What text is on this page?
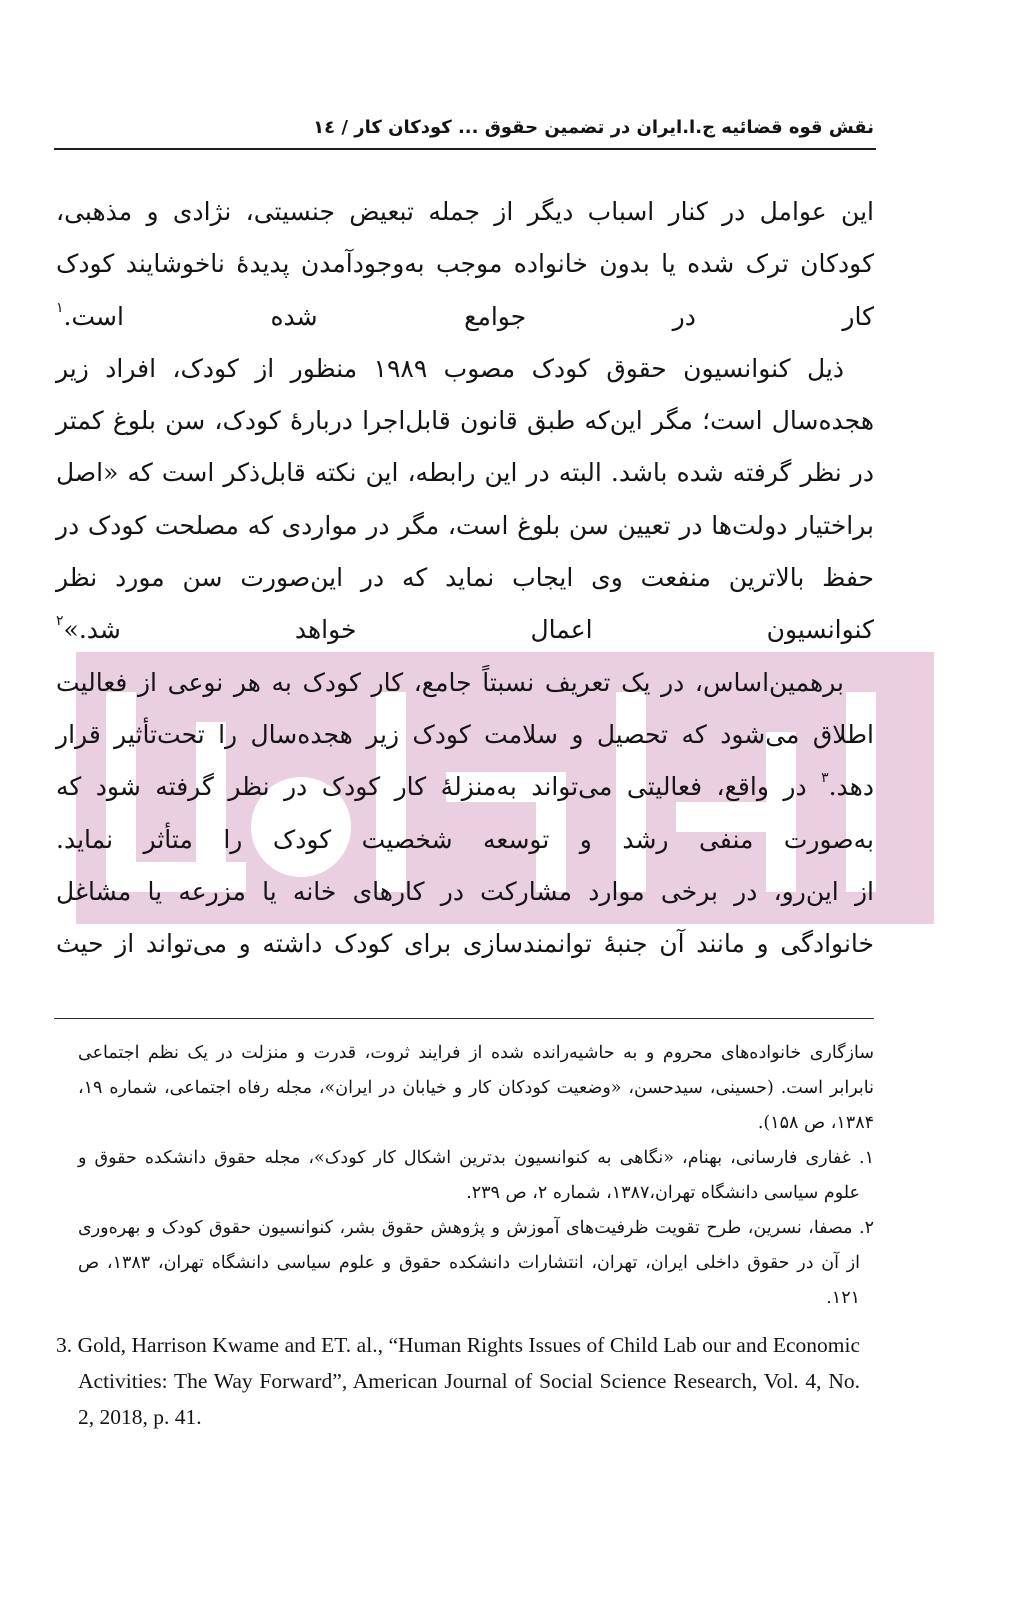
نقش قوه قضائیه ج.ا.ایران در تضمین حقوق ... کودکان کار / ۱٤

این عوامل در کنار اسباب دیگر از جمله تبعیض جنسیتی، نژادی و مذهبی، کودکان ترک شده یا بدون خانواده موجب به‌وجودآمدن پدیدهٔ ناخوشایند کودک کار در جوامع شده است.$^۱$

ذیل کنوانسیون حقوق کودک مصوب ۱۹۸۹ منظور از کودک، افراد زیر هجده‌سال است؛ مگر این‌که طبق قانون قابل‌اجرا دربارهٔ کودک، سن بلوغ کمتر در نظر گرفته شده باشد. البته در این رابطه، این نکته قابل‌ذکر است که «اصل براختیار دولت‌ها در تعیین سن بلوغ است، مگر در مواردی که مصلحت کودک در حفظ بالاترین منفعت وی ایجاب نماید که در این‌صورت سن مورد نظر کنوانسیون اعمال خواهد شد.»$^۲$

برهمین‌اساس، در یک تعریف نسبتاً جامع، کار کودک به هر نوعی از فعالیت اطلاق می‌شود که تحصیل و سلامت کودک زیر هجده‌سال را تحت‌تأثیر قرار دهد.$^۳$ در واقع، فعالیتی می‌تواند به‌منزلهٔ کار کودک در نظر گرفته شود که به‌صورت منفی رشد و توسعه شخصیت کودک را متأثر نماید.

از این‌رو، در برخی موارد مشارکت در کارهای خانه یا مزرعه یا مشاغل خانوادگی و مانند آن جنبهٔ توانمندسازی برای کودک داشته و می‌تواند از حیث

سازگاری خانواده‌های محروم و به حاشیه‌رانده شده از فرایند ثروت، قدرت و منزلت در یک نظم اجتماعی نابرابر است. (حسینی، سیدحسن، «وضعیت کودکان کار و خیابان در ایران»، مجله رفاه اجتماعی، شماره ۱۹، ۱۳۸۴، ص ۱۵۸).

۱. غفاری فارسانی، بهنام، «نگاهی به کنوانسیون بدترین اشکال کار کودک»، مجله حقوق دانشکده حقوق و علوم سیاسی دانشگاه تهران،۱۳۸۷، شماره ۲، ص ۲۳۹.

۲. مصفا، نسرین، طرح تقویت ظرفیت‌های آموزش و پژوهش حقوق بشر، کنوانسیون حقوق کودک و بهره‌وری از آن در حقوق داخلی ایران، تهران، انتشارات دانشکده حقوق و علوم سیاسی دانشگاه تهران، ۱۳۸۳، ص ۱۲۱.

3. Gold, Harrison Kwame and ET. al., “Human Rights Issues of Child Lab our and Economic Activities: The Way Forward”, American Journal of Social Science Research, Vol. 4, No. 2, 2018, p. 41.
